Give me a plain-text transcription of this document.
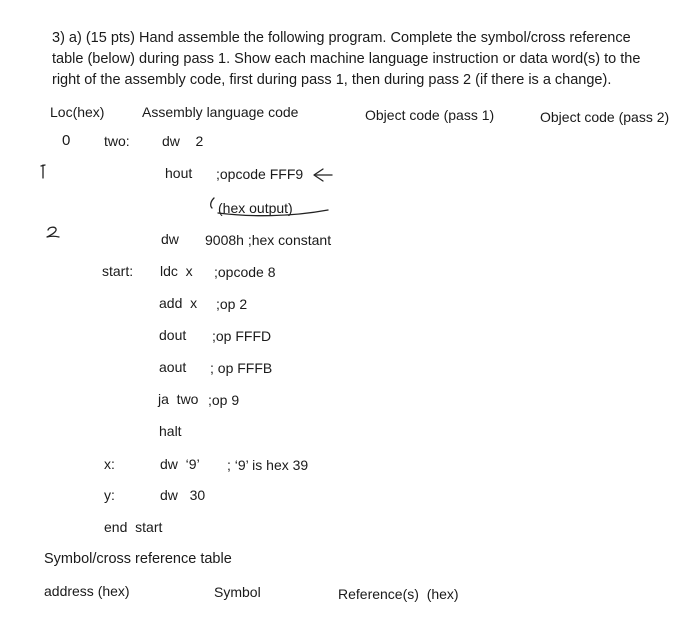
3) a) (15 pts) Hand assemble the following program. Complete the symbol/cross reference
table (below) during pass 1. Show each machine language instruction or data word(s) to the
right of the assembly code, first during pass 1, then during pass 2 (if there is a change).
Loc(hex)	Assembly language code	Object code (pass 1)	Object code (pass 2)
0 two: dw    2
hout ;opcode FFF9
(hex output)
dw 9008h ;hex constant
start: ldc  x ;opcode 8
add  x ;op 2
dout ;op FFFD
aout ; op FFFB
ja  two ;op 9
halt
x:	dw  ‘9’ ; ‘9’ is hex 39
y:	dw   30
end  start
Symbol/cross reference table
address (hex)	Symbol	Reference(s)  (hex)
